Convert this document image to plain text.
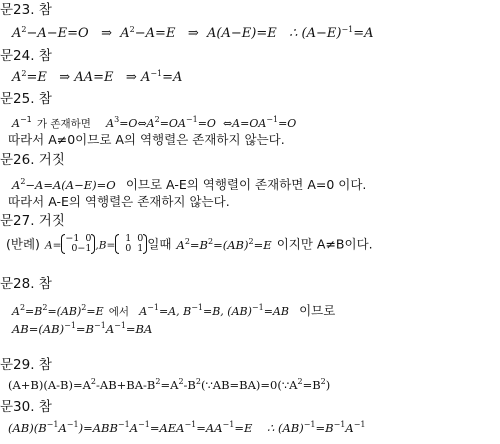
문23. 참
$A^2-A-E=O$ ⇒ $A^2-A=E$ ⇒ A(A−E)=E ∴ $(A-E)^{-1}=A$
문24. 참
$A^2=E$ ⇒ AA=E ⇒ $A^{-1}=A$
문25. 참
$A^{-1}$ 가 존재하면 $A^3=O\Leftrightarrow A^2=OA^{-1}=O$ $\Leftrightarrow A=OA^{-1}=O$
따라서 A≠0이므로 A의 역행렬은 존재하지 않는다.
문26. 거짓
$A^2-A=A(A-E)=O$ 이므로 A-E의 역행렬이 존재하면 A=0 이다.
따라서 A-E의 역행렬은 존재하지 않는다.
문27. 거짓
(반례) A=
−1 0
0−1 ,B=
1 0
0 1 일때 $A^2=B^2=(AB)^2=E$ 이지만 A≠B이다.
문28. 참
$A^2=B^2=(AB)^2=E$ 에서 $A^{-1}=A$, $B^{-1}=B$, (AB)$^{-1}$=AB 이므로
$AB=(AB)^{-1}=B^{-1}A^{-1}=BA$
문29. 참
$(A+B)(A-B)=A^2-AB+BA-B^2=A^2-B^2(\because AB=BA)=0(\because A^2=B^2)$
문30. 참
$(AB)(B^{-1}A^{-1})=ABB^{-1}A^{-1}=AEA^{-1}=AA^{-1}=E$ ∴ $(AB)^{-1}=B^{-1}A^{-1}$
